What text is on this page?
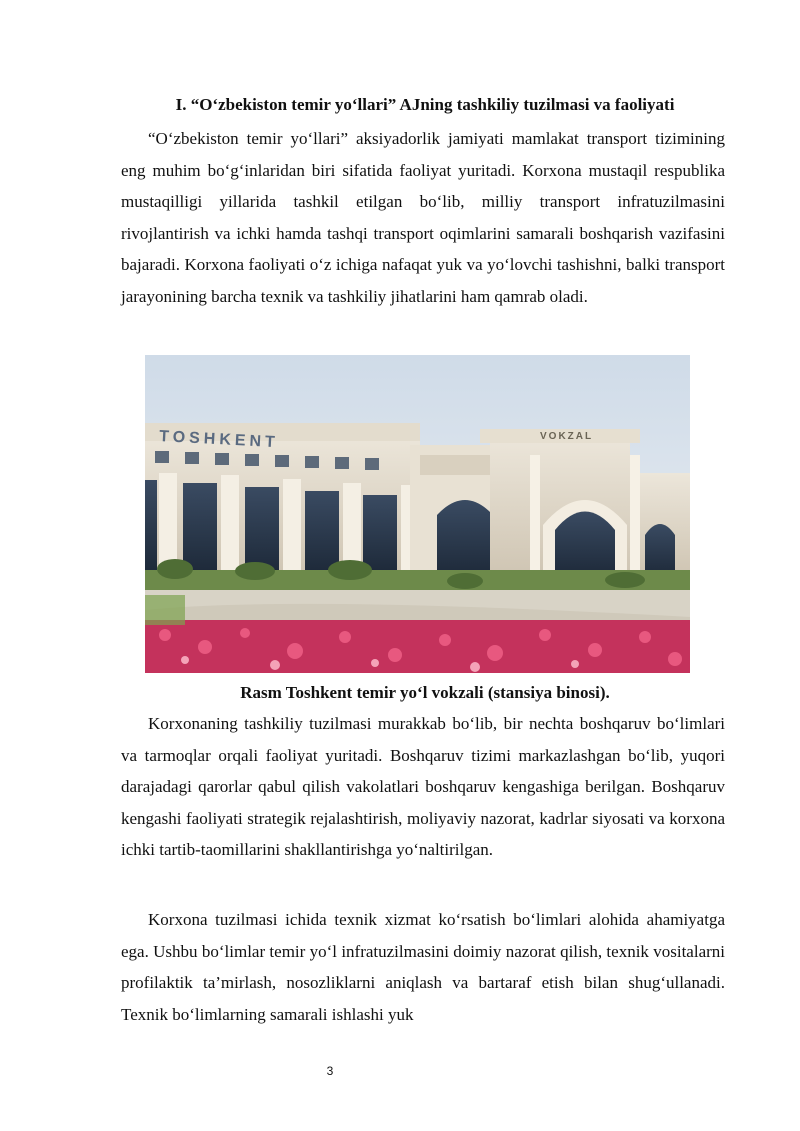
I. “O‘zbekiston temir yo‘llari” AJning tashkiliy tuzilmasi va faoliyati

“O‘zbekiston temir yo‘llari” aksiyadorlik jamiyati mamlakat transport tizimining eng muhim bo‘g‘inlaridan biri sifatida faoliyat yuritadi. Korxona mustaqil respublika mustaqilligi yillarida tashkil etilgan bo‘lib, milliy transport infratuzilmasini rivojlantirish va ichki hamda tashqi transport oqimlarini samarali boshqarish vazifasini bajaradi. Korxona faoliyati o‘z ichiga nafaqat yuk va yo‘lovchi tashishni, balki transport jarayonining barcha texnik va tashkiliy jihatlarini ham qamrab oladi.

TOSHKENT	VOKZAL
Rasm Toshkent temir yo‘l vokzali (stansiya binosi).

Korxonaning tashkiliy tuzilmasi murakkab bo‘lib, bir nechta boshqaruv bo‘limlari va tarmoqlar orqali faoliyat yuritadi. Boshqaruv tizimi markazlashgan bo‘lib, yuqori darajadagi qarorlar qabul qilish vakolatlari boshqaruv kengashiga berilgan. Boshqaruv kengashi faoliyati strategik rejalashtirish, moliyaviy nazorat, kadrlar siyosati va korxona ichki tartib-taomillarini shakllantirishga yo‘naltirilgan.

Korxona tuzilmasi ichida texnik xizmat ko‘rsatish bo‘limlari alohida ahamiyatga ega. Ushbu bo‘limlar temir yo‘l infratuzilmasini doimiy nazorat qilish, texnik vositalarni profilaktik ta’mirlash, nosozliklarni aniqlash va bartaraf etish bilan shug‘ullanadi. Texnik bo‘limlarning samarali ishlashi yuk

3
